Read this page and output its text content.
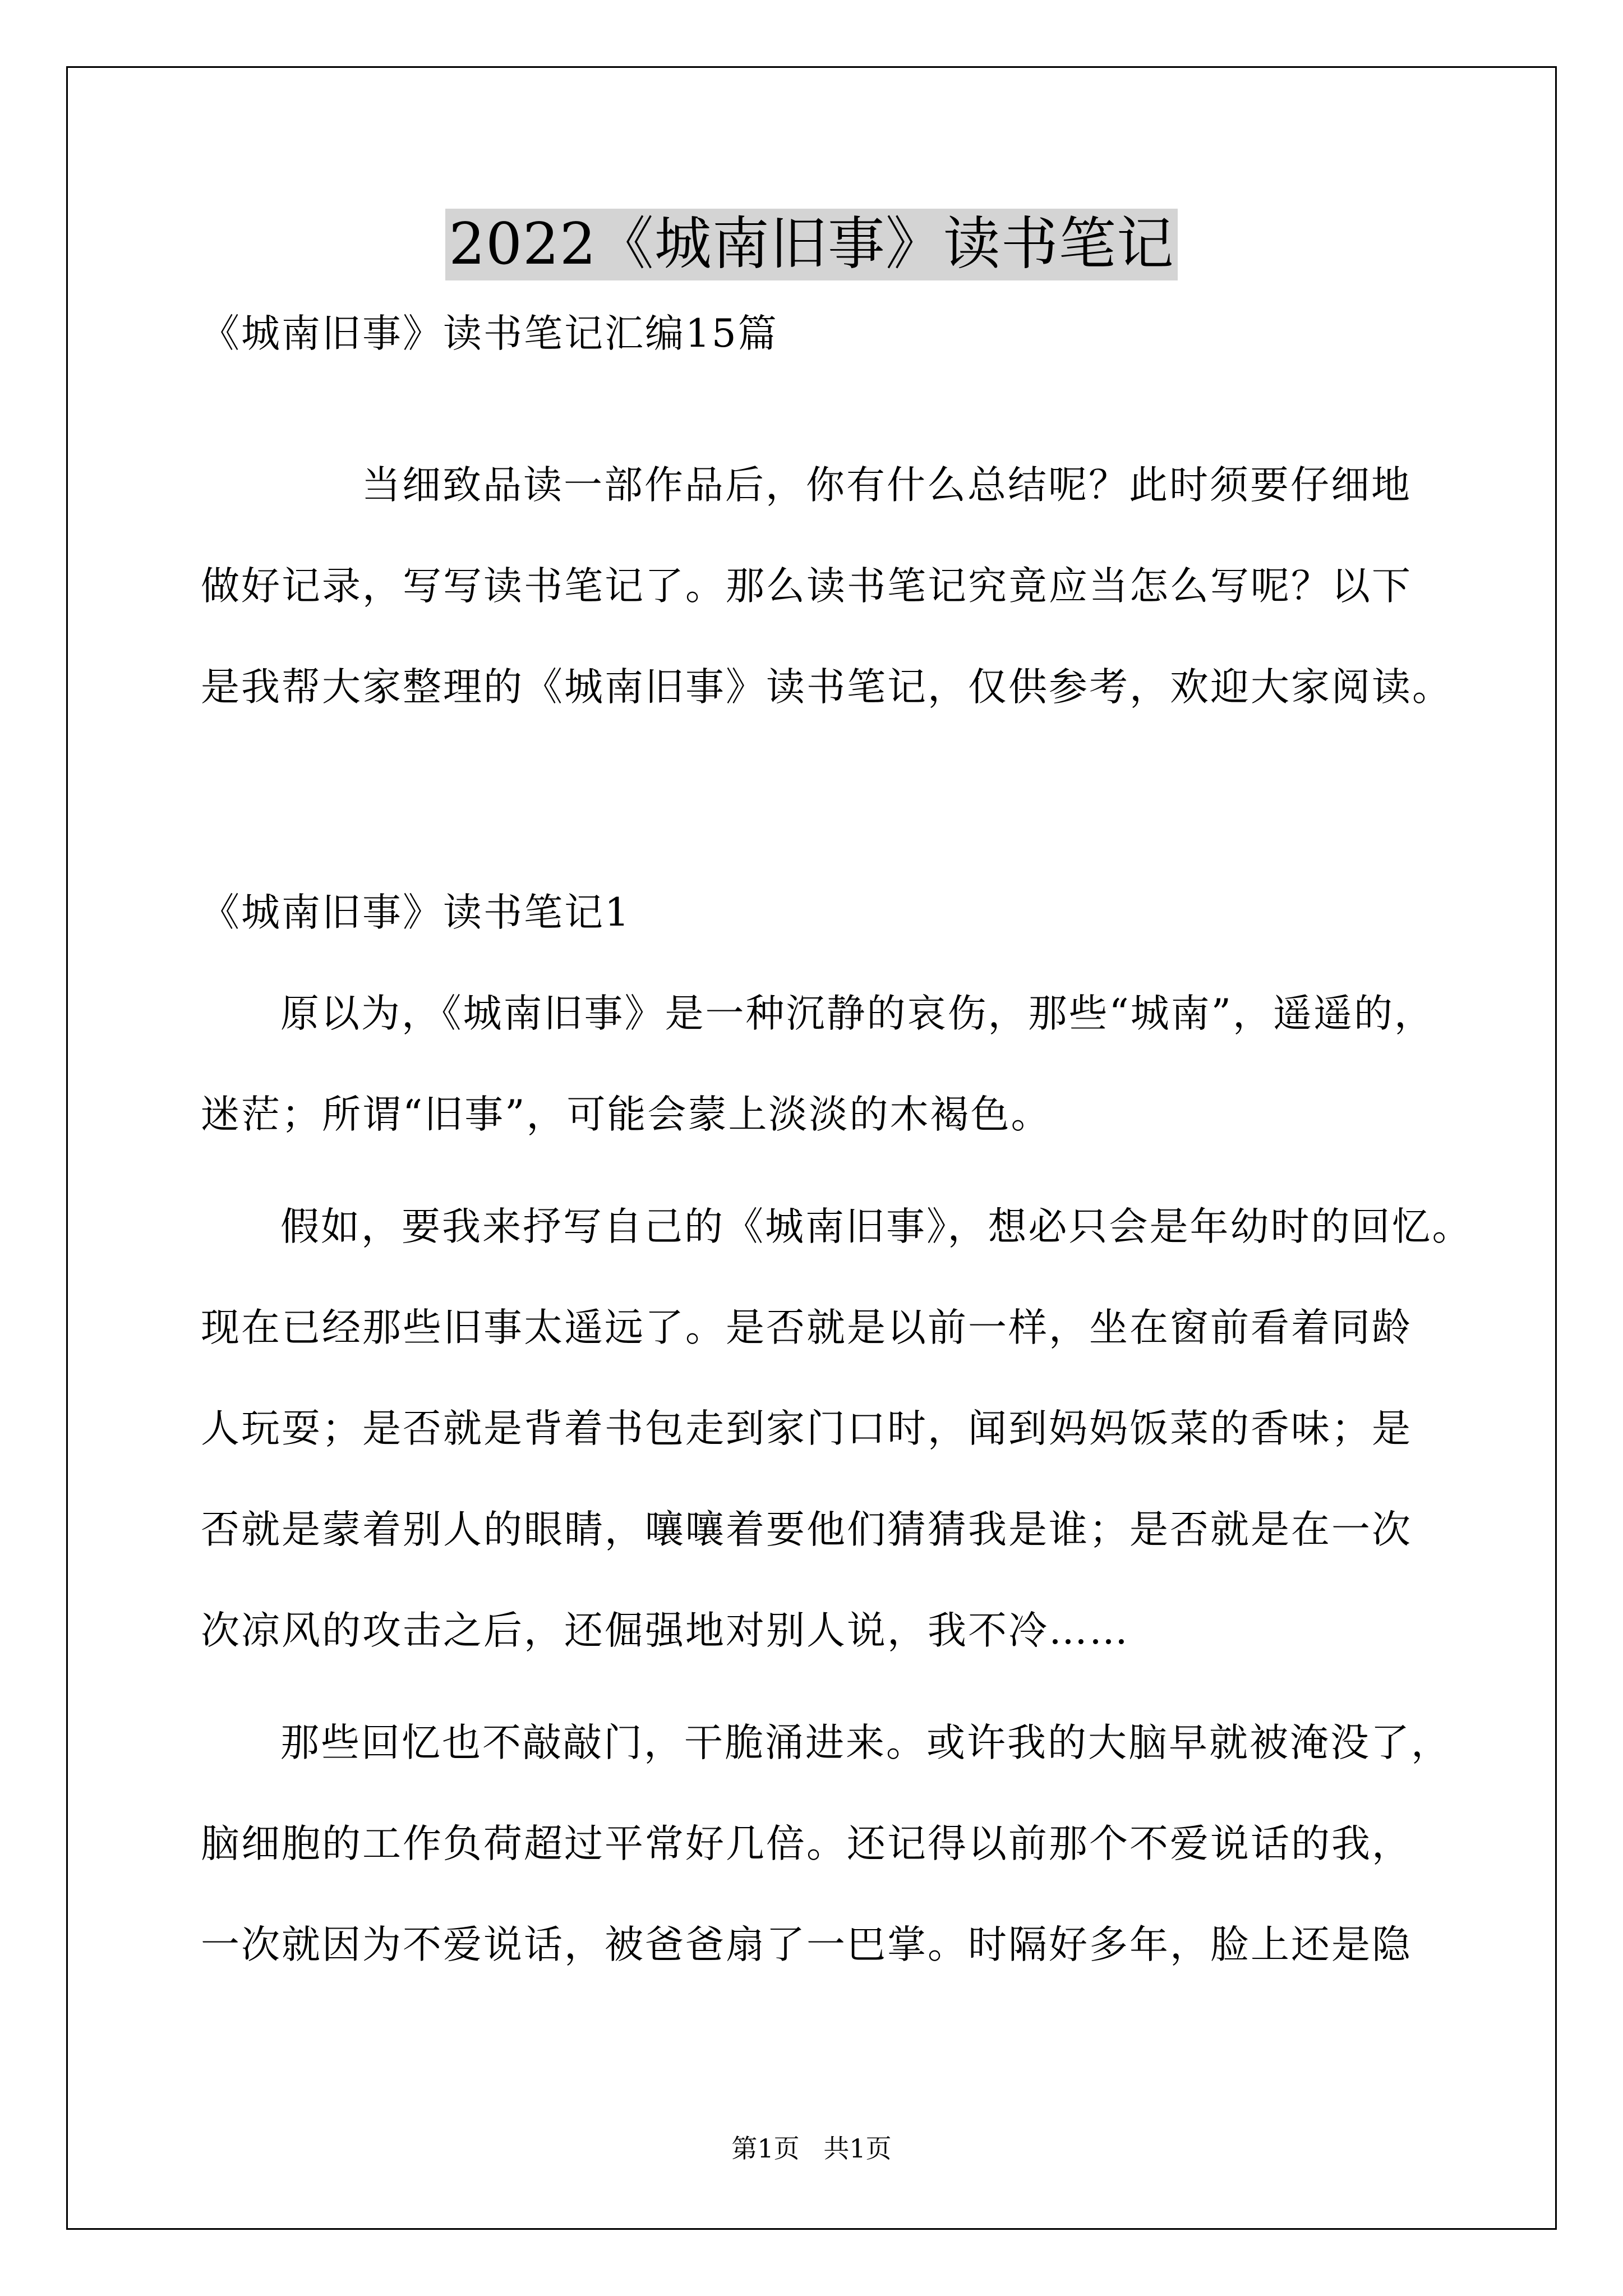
2022《城南旧事》读书笔记
《城南旧事》读书笔记汇编15篇
当细致品读一部作品后，你有什么总结呢？此时须要仔细地
做好记录，写写读书笔记了。那么读书笔记究竟应当怎么写呢？以下
是我帮大家整理的《城南旧事》读书笔记，仅供参考，欢迎大家阅读。
《城南旧事》读书笔记1
原以为，《城南旧事》是一种沉静的哀伤，那些“城南”，遥遥的，
迷茫；所谓“旧事”，可能会蒙上淡淡的木褐色。
假如，要我来抒写自己的《城南旧事》，想必只会是年幼时的回忆。
现在已经那些旧事太遥远了。是否就是以前一样，坐在窗前看着同龄
人玩耍；是否就是背着书包走到家门口时，闻到妈妈饭菜的香味；是
否就是蒙着别人的眼睛，嚷嚷着要他们猜猜我是谁；是否就是在一次
次凉风的攻击之后，还倔强地对别人说，我不冷……
那些回忆也不敲敲门，干脆涌进来。或许我的大脑早就被淹没了，
脑细胞的工作负荷超过平常好几倍。还记得以前那个不爱说话的我，
一次就因为不爱说话，被爸爸扇了一巴掌。时隔好多年，脸上还是隐
第1页 共1页
